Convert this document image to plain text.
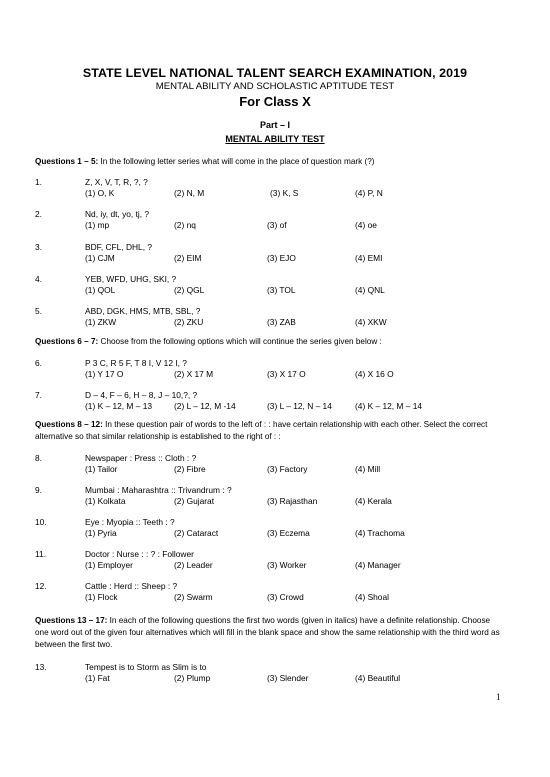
STATE LEVEL NATIONAL TALENT SEARCH EXAMINATION, 2019
MENTAL ABILITY AND SCHOLASTIC APTITUDE TEST
For Class X
Part – I
MENTAL ABILITY TEST
Questions 1 – 5: In the following letter series what will come in the place of question mark (?)
1.	Z, X, V, T, R, ?, ?
(1) O, K	(2) N, M	(3) K, S	(4) P, N
2.	Nd, iy, dt, yo, tj, ?
(1) mp	(2) nq	(3) of	(4) oe
3.	BDF, CFL, DHL, ?
(1) CJM	(2) EIM	(3) EJO	(4) EMI
4.	YEB, WFD, UHG, SKI, ?
(1) QOL	(2) QGL	(3) TOL	(4) QNL
5.	ABD, DGK, HMS, MTB, SBL, ?
(1) ZKW	(2) ZKU	(3) ZAB	(4) XKW
Questions 6 – 7: Choose from the following options which will continue the series given below :
6.	P 3 C, R 5 F, T 8 I, V 12 I, ?
(1) Y 17 O	(2) X 17 M	(3) X 17 O	(4) X 16 O
7.	D – 4, F – 6, H – 8, J – 10,?, ?
(1) K – 12, M – 13	(2) L – 12, M -14	(3) L – 12, N – 14	(4) K – 12, M – 14
Questions 8 – 12: In these question pair of words to the left of : : have certain relationship with each other. Select the correct alternative so that similar relationship is established to the right of : :
8.	Newspaper : Press :: Cloth : ?
(1) Tailor	(2) Fibre	(3) Factory	(4) Mill
9.	Mumbai : Maharashtra :: Trivandrum : ?
(1) Kolkata	(2) Gujarat	(3) Rajasthan	(4) Kerala
10.	Eye : Myopia :: Teeth : ?
(1) Pyria	(2) Cataract	(3) Eczema	(4) Trachoma
11.	Doctor : Nurse : : ? : Follower
(1) Employer	(2) Leader	(3) Worker	(4) Manager
12.	Cattle : Herd :: Sheep : ?
(1) Flock	(2) Swarm	(3) Crowd	(4) Shoal
Questions 13 – 17: In each of the following questions the first two words (given in italics) have a definite relationship. Choose one word out of the given four alternatives which will fill in the blank space and show the same relationship with the third word as between the first two.
13.	Tempest is to Storm as Slim is to
(1) Fat	(2) Plump	(3) Slender	(4) Beautiful
1
